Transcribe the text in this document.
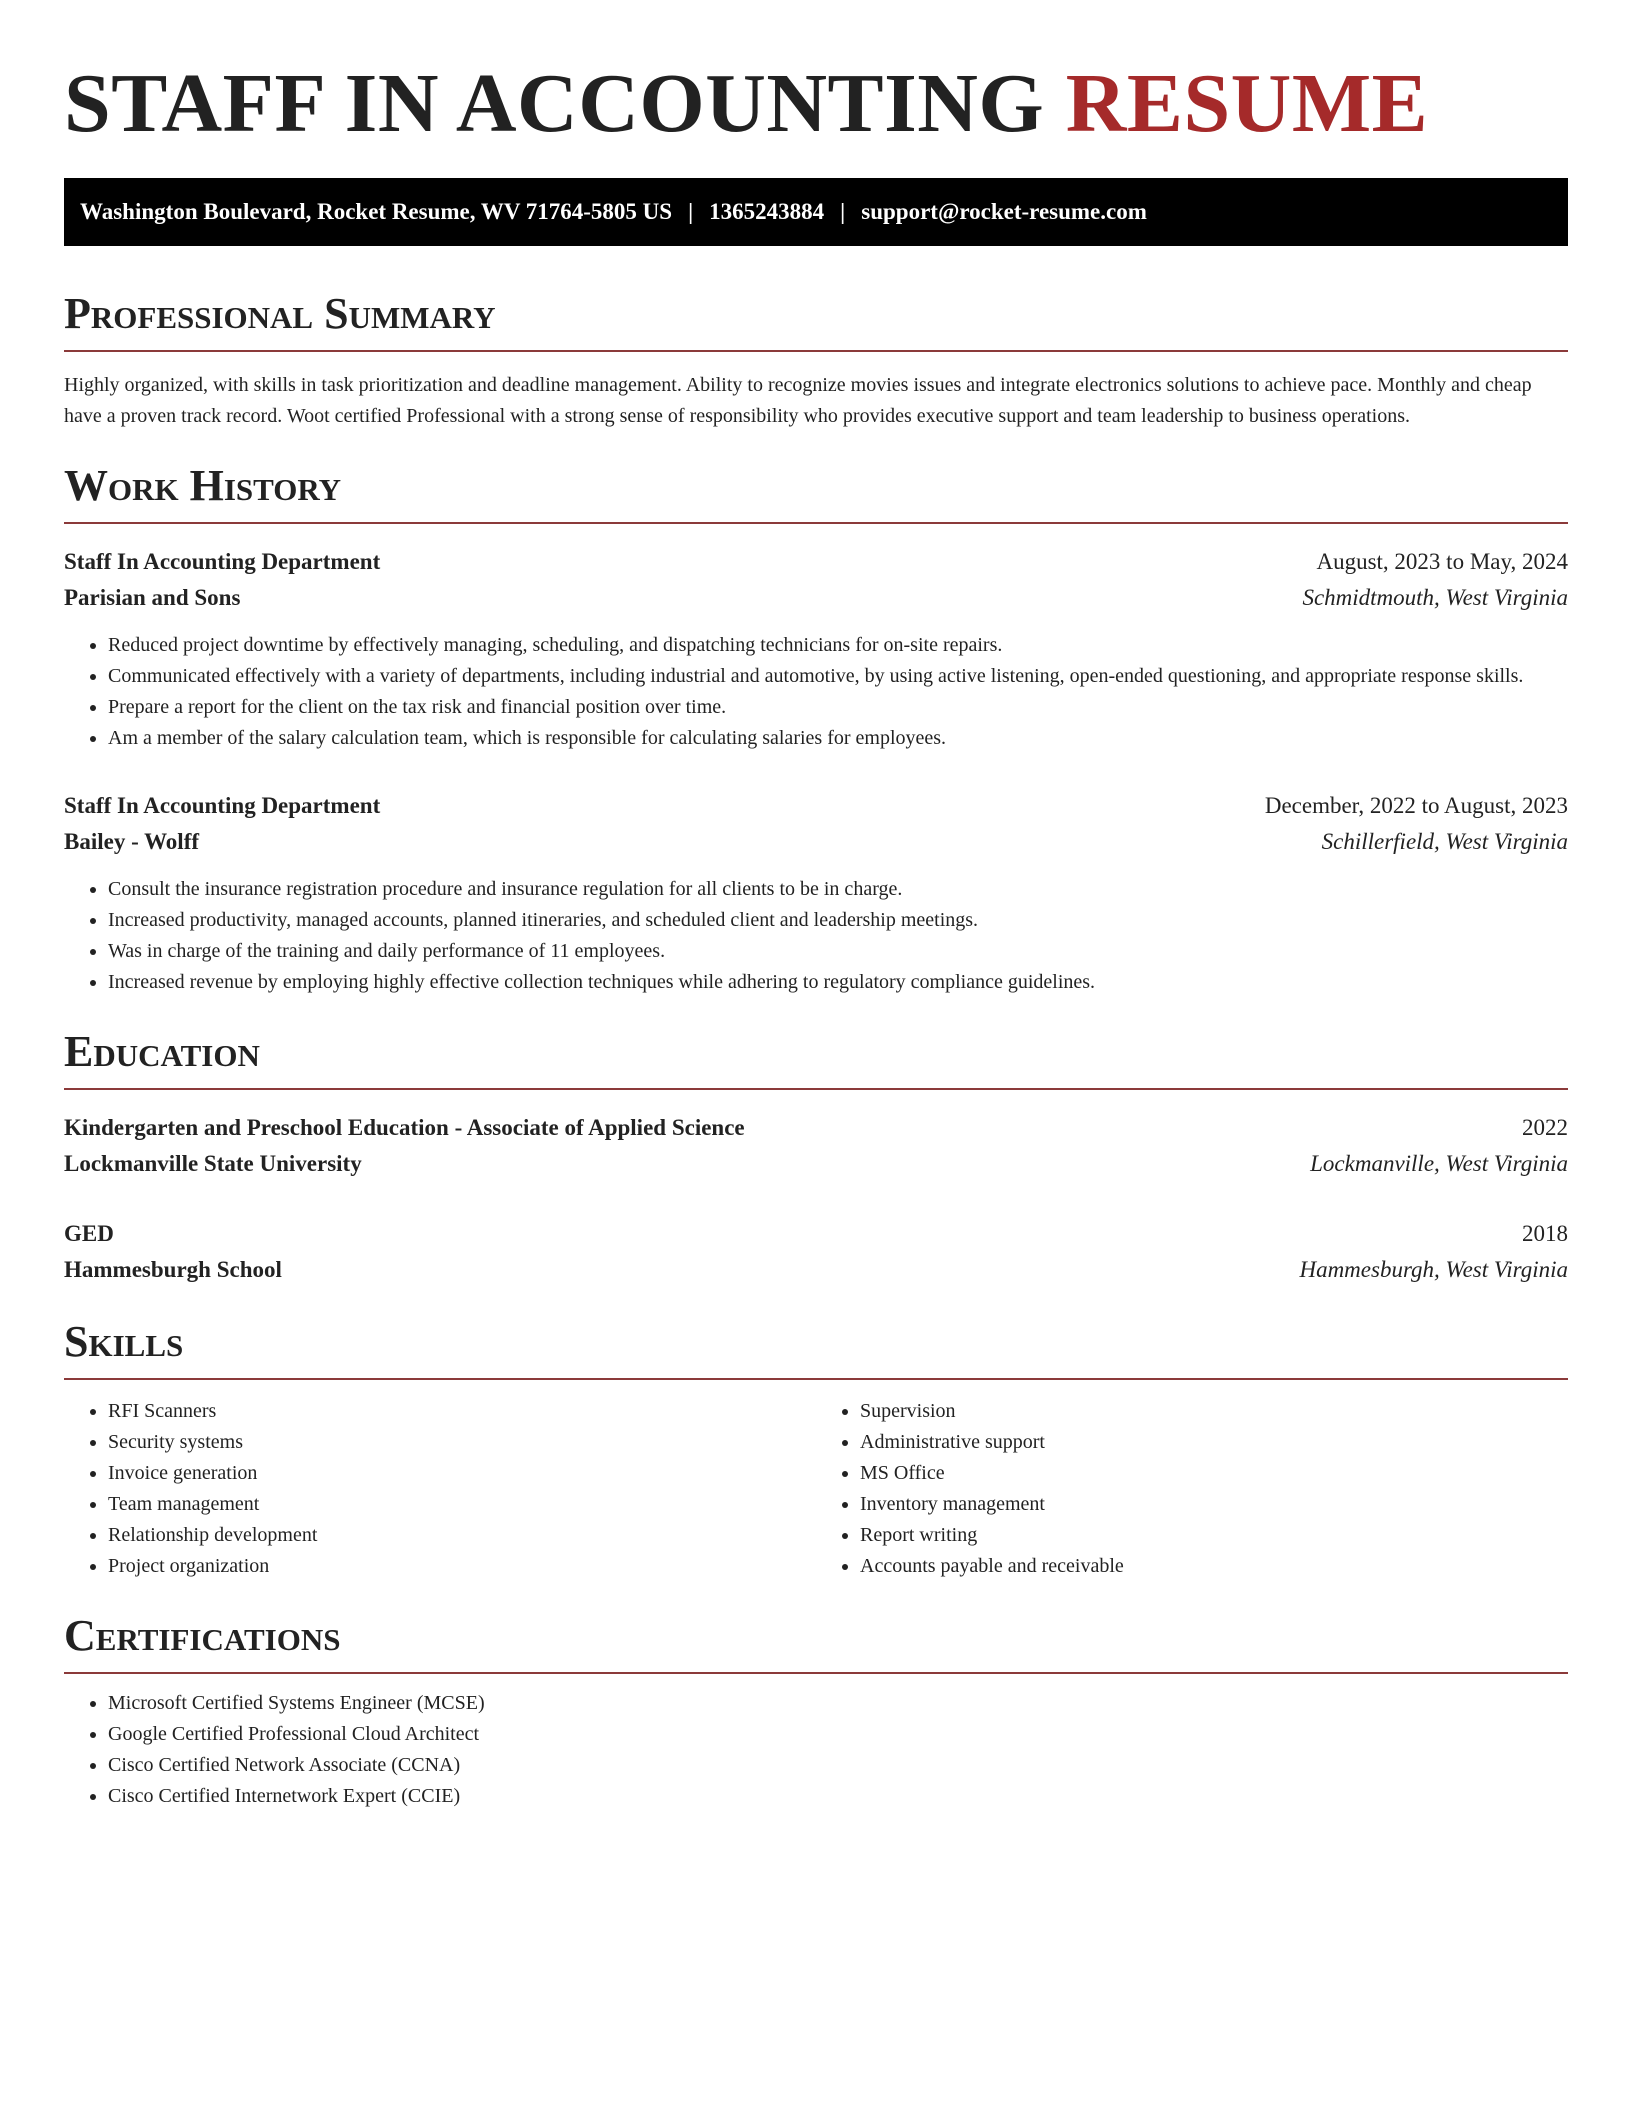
STAFF IN ACCOUNTING RESUME
Washington Boulevard, Rocket Resume, WV 71764-5805 US | 1365243884 | support@rocket-resume.com
Professional Summary

Highly organized, with skills in task prioritization and deadline management. Ability to recognize movies issues and integrate electronics solutions to achieve pace. Monthly and cheap have a proven track record. Woot certified Professional with a strong sense of responsibility who provides executive support and team leadership to business operations.

Work History
Staff In Accounting Department	August, 2023 to May, 2024
Parisian and Sons	Schmidtmouth, West Virginia
• Reduced project downtime by effectively managing, scheduling, and dispatching technicians for on-site repairs.
• Communicated effectively with a variety of departments, including industrial and automotive, by using active listening, open-ended questioning, and appropriate response skills.
• Prepare a report for the client on the tax risk and financial position over time.
• Am a member of the salary calculation team, which is responsible for calculating salaries for employees.
Staff In Accounting Department	December, 2022 to August, 2023
Bailey - Wolff	Schillerfield, West Virginia
• Consult the insurance registration procedure and insurance regulation for all clients to be in charge.
• Increased productivity, managed accounts, planned itineraries, and scheduled client and leadership meetings.
• Was in charge of the training and daily performance of 11 employees.
• Increased revenue by employing highly effective collection techniques while adhering to regulatory compliance guidelines.
Education
Kindergarten and Preschool Education - Associate of Applied Science	2022
Lockmanville State University	Lockmanville, West Virginia
GED	2018
Hammesburgh School	Hammesburgh, West Virginia
Skills
• RFI Scanners
• Security systems
• Invoice generation
• Team management
• Relationship development
• Project organization
• Supervision
• Administrative support
• MS Office
• Inventory management
• Report writing
• Accounts payable and receivable
Certifications
• Microsoft Certified Systems Engineer (MCSE)
• Google Certified Professional Cloud Architect
• Cisco Certified Network Associate (CCNA)
• Cisco Certified Internetwork Expert (CCIE)
